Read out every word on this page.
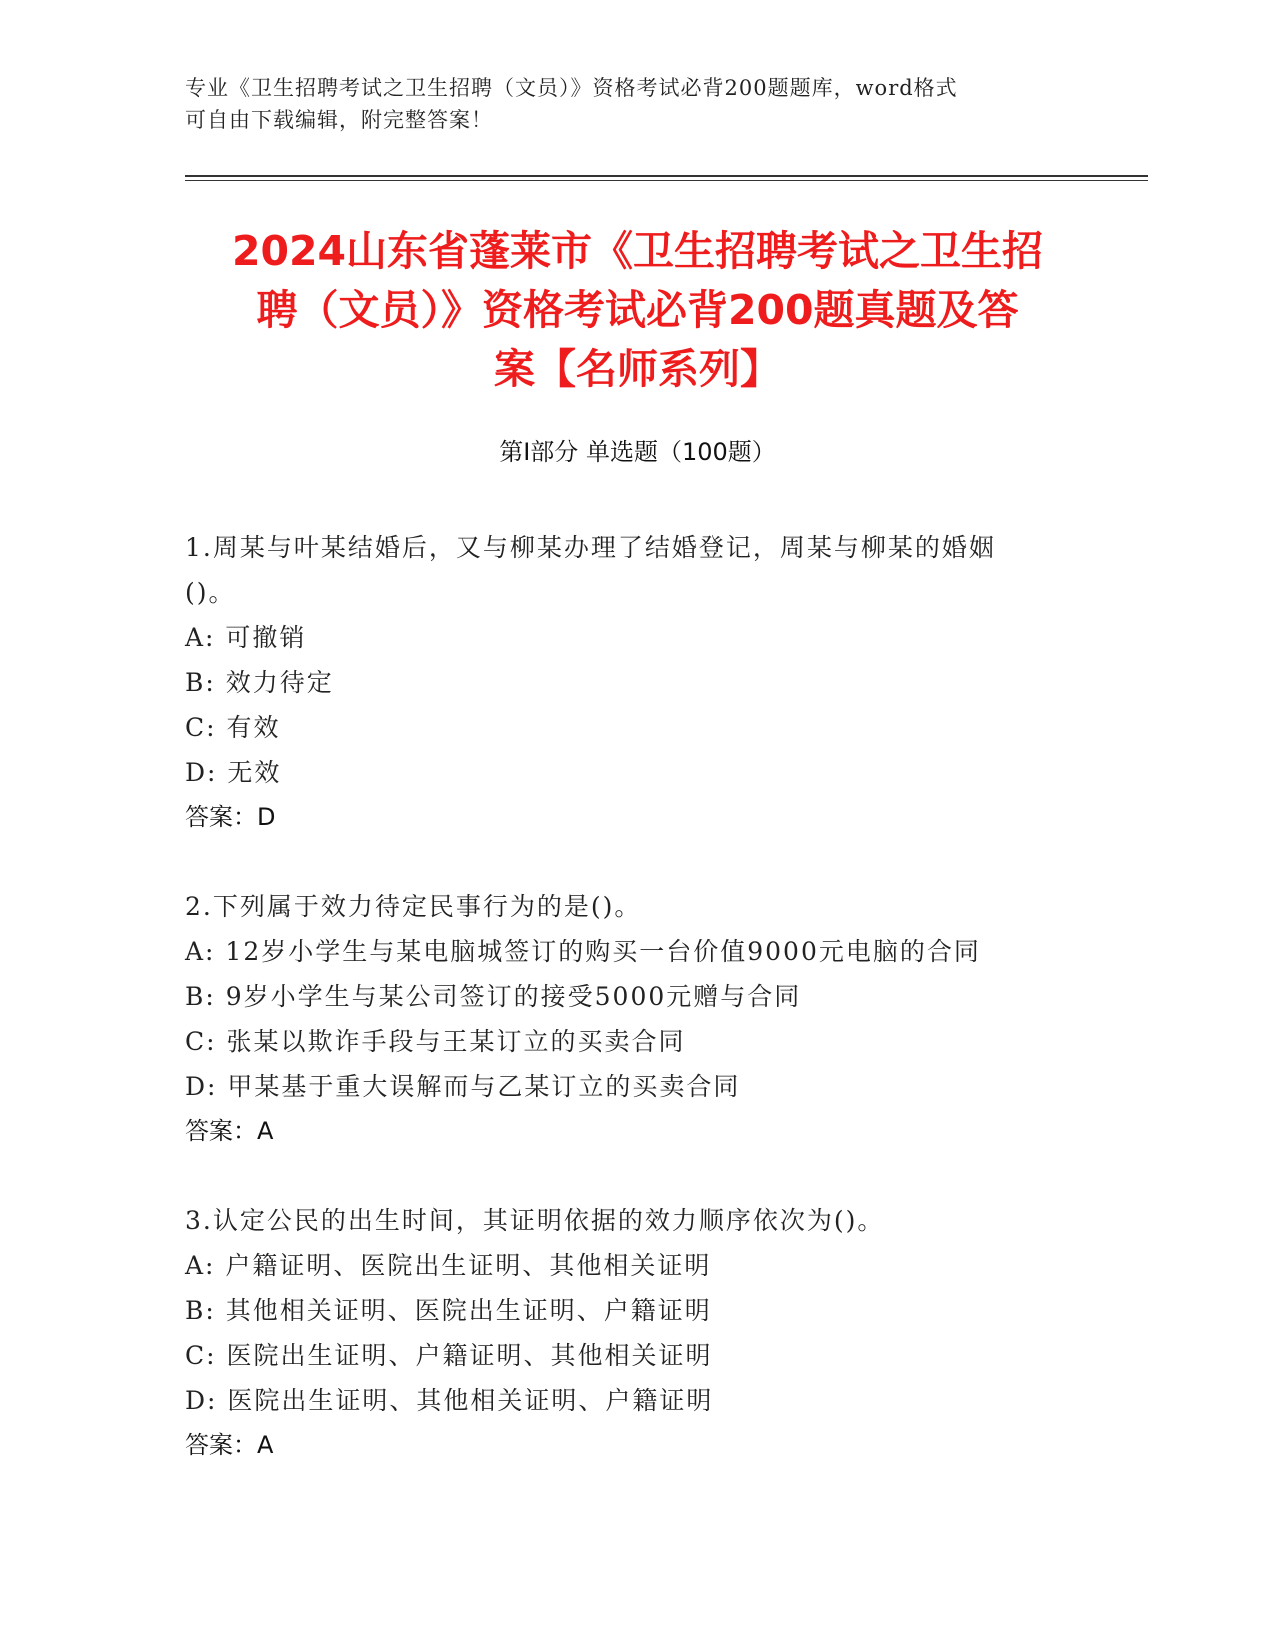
专业《卫生招聘考试之卫生招聘（文员）》资格考试必背200题题库，word格式
可自由下载编辑，附完整答案！
2024山东省蓬莱市《卫生招聘考试之卫生招
聘（文员）》资格考试必背200题真题及答
案【名师系列】
第I部分 单选题（100题）
1.周某与叶某结婚后，又与柳某办理了结婚登记，周某与柳某的婚姻
()。
A: 可撤销
B: 效力待定
C: 有效
D: 无效
答案：D
2.下列属于效力待定民事行为的是()。
A: 12岁小学生与某电脑城签订的购买一台价值9000元电脑的合同
B: 9岁小学生与某公司签订的接受5000元赠与合同
C: 张某以欺诈手段与王某订立的买卖合同
D: 甲某基于重大误解而与乙某订立的买卖合同
答案：A
3.认定公民的出生时间，其证明依据的效力顺序依次为()。
A: 户籍证明、医院出生证明、其他相关证明
B: 其他相关证明、医院出生证明、户籍证明
C: 医院出生证明、户籍证明、其他相关证明
D: 医院出生证明、其他相关证明、户籍证明
答案：A
